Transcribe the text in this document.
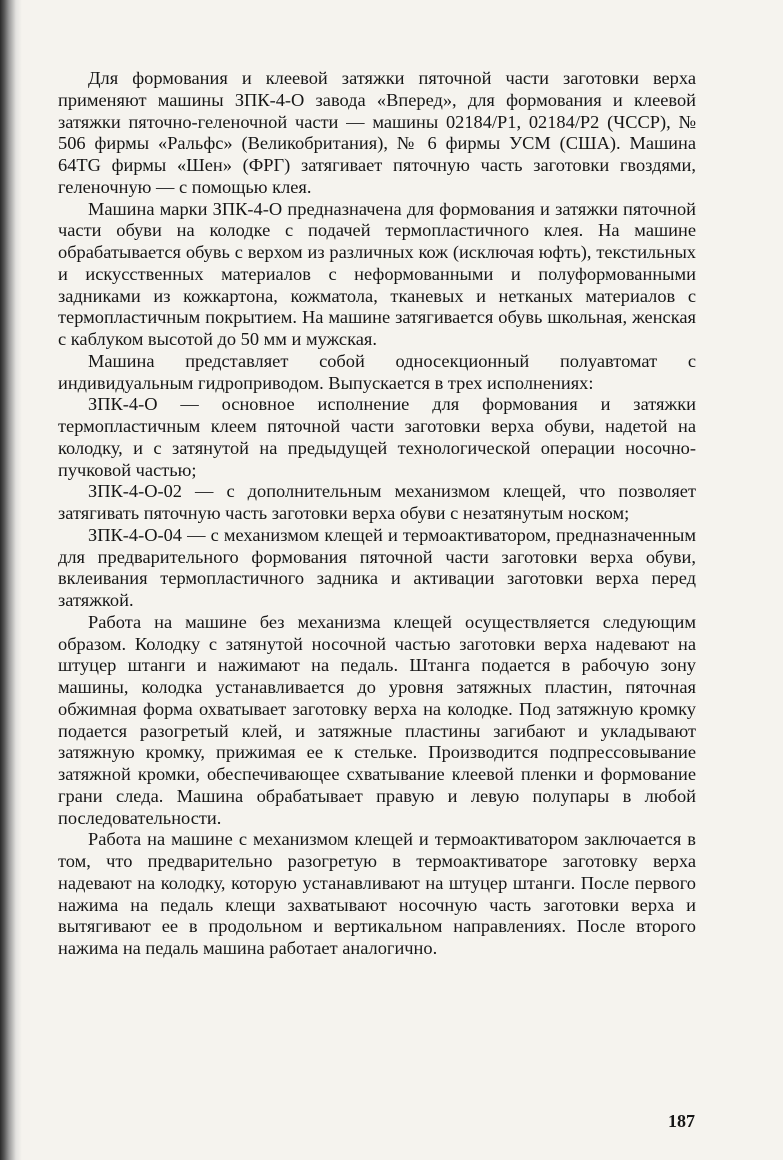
Для формования и клеевой затяжки пяточной части заготовки верха применяют машины ЗПК-4-О завода «Вперед», для формования и клеевой затяжки пяточно-геленочной части — машины 02184/Р1, 02184/Р2 (ЧССР), № 506 фирмы «Ральфс» (Великобритания), № 6 фирмы УСМ (США). Машина 64TG фирмы «Шен» (ФРГ) затягивает пяточную часть заготовки гвоздями, геленочную — с помощью клея.

Машина марки ЗПК-4-О предназначена для формования и затяжки пяточной части обуви на колодке с подачей термопластичного клея. На машине обрабатывается обувь с верхом из различных кож (исключая юфть), текстильных и искусственных материалов с неформованными и полуформованными задниками из кожкартона, кожматола, тканевых и нетканых материалов с термопластичным покрытием. На машине затягивается обувь школьная, женская с каблуком высотой до 50 мм и мужская.

Машина представляет собой односекционный полуавтомат с индивидуальным гидроприводом. Выпускается в трех исполнениях:

ЗПК-4-О — основное исполнение для формования и затяжки термопластичным клеем пяточной части заготовки верха обуви, надетой на колодку, и с затянутой на предыдущей технологической операции носочно-пучковой частью;

ЗПК-4-О-02 — с дополнительным механизмом клещей, что позволяет затягивать пяточную часть заготовки верха обуви с незатянутым носком;

ЗПК-4-О-04 — с механизмом клещей и термоактиватором, предназначенным для предварительного формования пяточной части заготовки верха обуви, вклеивания термопластичного задника и активации заготовки верха перед затяжкой.

Работа на машине без механизма клещей осуществляется следующим образом. Колодку с затянутой носочной частью заготовки верха надевают на штуцер штанги и нажимают на педаль. Штанга подается в рабочую зону машины, колодка устанавливается до уровня затяжных пластин, пяточная обжимная форма охватывает заготовку верха на колодке. Под затяжную кромку подается разогретый клей, и затяжные пластины загибают и укладывают затяжную кромку, прижимая ее к стельке. Производится подпрессовывание затяжной кромки, обеспечивающее схватывание клеевой пленки и формование грани следа. Машина обрабатывает правую и левую полупары в любой последовательности.

Работа на машине с механизмом клещей и термоактиватором заключается в том, что предварительно разогретую в термоактиваторе заготовку верха надевают на колодку, которую устанавливают на штуцер штанги. После первого нажима на педаль клещи захватывают носочную часть заготовки верха и вытягивают ее в продольном и вертикальном направлениях. После второго нажима на педаль машина работает аналогично.

187
